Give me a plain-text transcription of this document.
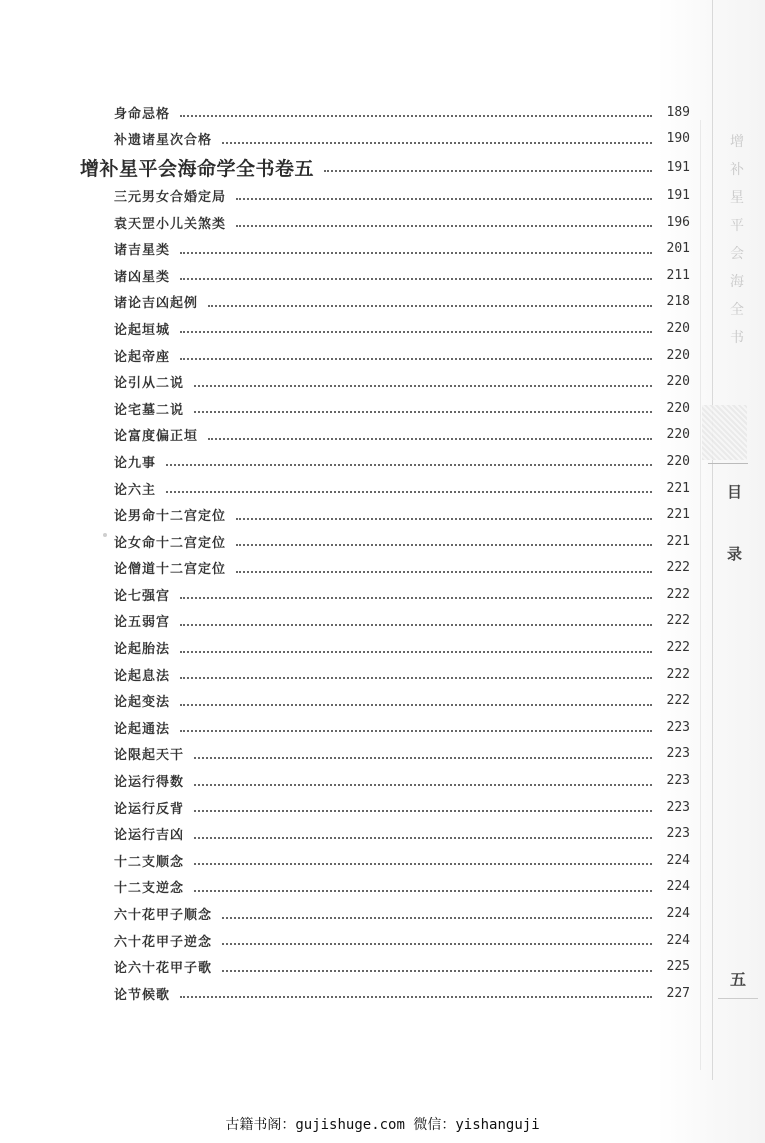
身命忌格	189
补遗诸星次合格	190
增补星平会海命学全书卷五	191
三元男女合婚定局	191
袁天罡小儿关煞类	196
诸吉星类	201
诸凶星类	211
诸论吉凶起例	218
论起垣城	220
论起帝座	220
论引从二说	220
论宅墓二说	220
论富度偏正垣	220
论九事	220
论六主	221
论男命十二宫定位	221
论女命十二宫定位	221
论僧道十二宫定位	222
论七强宫	222
论五弱宫	222
论起胎法	222
论起息法	222
论起变法	222
论起通法	223
论限起天干	223
论运行得数	223
论运行反背	223
论运行吉凶	223
十二支顺念	224
十二支逆念	224
六十花甲子顺念	224
六十花甲子逆念	224
论六十花甲子歌	225
论节候歌	227
增
补
星
平
会
海
全
书
目
录
五
古籍书阁：gujishuge.com 微信：yishanguji
